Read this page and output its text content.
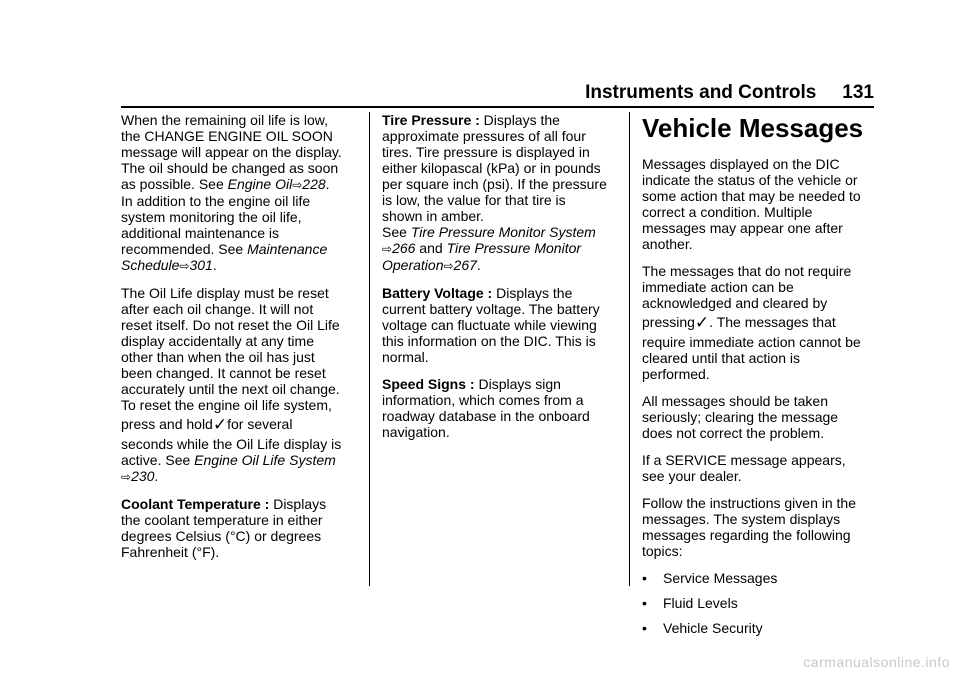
Instruments and Controls 131

When the remaining oil life is low,
the CHANGE ENGINE OIL SOON
message will appear on the display.
The oil should be changed as soon
as possible. See Engine Oil⇨228.
In addition to the engine oil life
system monitoring the oil life,
additional maintenance is
recommended. See Maintenance
Schedule⇨301.

The Oil Life display must be reset
after each oil change. It will not
reset itself. Do not reset the Oil Life
display accidentally at any time
other than when the oil has just
been changed. It cannot be reset
accurately until the next oil change.
To reset the engine oil life system,
press and hold✓for several
seconds while the Oil Life display is
active. See Engine Oil Life System
⇨230.

Coolant Temperature : Displays
the coolant temperature in either
degrees Celsius (°C) or degrees
Fahrenheit (°F).

Tire Pressure : Displays the
approximate pressures of all four
tires. Tire pressure is displayed in
either kilopascal (kPa) or in pounds
per square inch (psi). If the pressure
is low, the value for that tire is
shown in amber.
See Tire Pressure Monitor System
⇨266 and Tire Pressure Monitor
Operation⇨267.

Battery Voltage : Displays the
current battery voltage. The battery
voltage can fluctuate while viewing
this information on the DIC. This is
normal.

Speed Signs : Displays sign
information, which comes from a
roadway database in the onboard
navigation.

Vehicle Messages

Messages displayed on the DIC
indicate the status of the vehicle or
some action that may be needed to
correct a condition. Multiple
messages may appear one after
another.

The messages that do not require
immediate action can be
acknowledged and cleared by
pressing✓. The messages that
require immediate action cannot be
cleared until that action is
performed.

All messages should be taken
seriously; clearing the message
does not correct the problem.

If a SERVICE message appears,
see your dealer.

Follow the instructions given in the
messages. The system displays
messages regarding the following
topics:

•	Service Messages
•	Fluid Levels
•	Vehicle Security
carmanualsonline.info
